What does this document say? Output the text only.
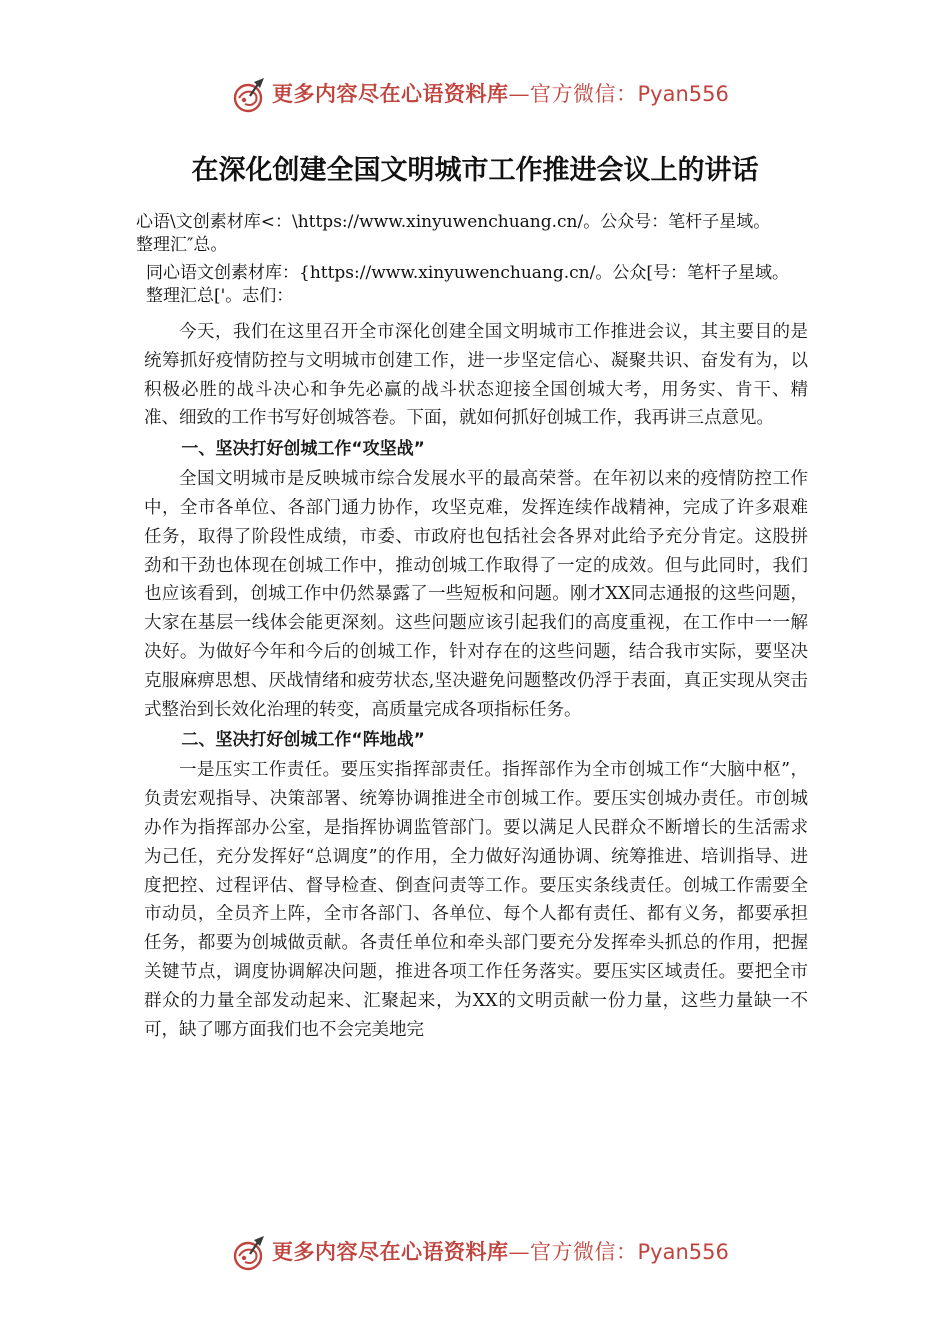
更多内容尽在心语资料库—官方微信：Pyan556
在深化创建全国文明城市工作推进会议上的讲话
心语\文创素材库<：\https://www.xinyuwenchuang.cn/。公众号：笔杆子星域。
整理汇″总。
同心语文创素材库：{https://www.xinyuwenchuang.cn/。公众[号：笔杆子星域。
整理汇总['。志们：

今天，我们在这里召开全市深化创建全国文明城市工作推进会议，其主要目的是统筹抓好疫情防控与文明城市创建工作，进一步坚定信心、凝聚共识、奋发有为，以积极必胜的战斗决心和争先必赢的战斗状态迎接全国创城大考，用务实、肯干、精准、细致的工作书写好创城答卷。下面，就如何抓好创城工作，我再讲三点意见。

一、坚决打好创城工作“攻坚战”

全国文明城市是反映城市综合发展水平的最高荣誉。在年初以来的疫情防控工作中，全市各单位、各部门通力协作，攻坚克难，发挥连续作战精神，完成了许多艰难任务，取得了阶段性成绩，市委、市政府也包括社会各界对此给予充分肯定。这股拼劲和干劲也体现在创城工作中，推动创城工作取得了一定的成效。但与此同时，我们也应该看到，创城工作中仍然暴露了一些短板和问题。刚才XX同志通报的这些问题，大家在基层一线体会能更深刻。这些问题应该引起我们的高度重视，在工作中一一解决好。为做好今年和今后的创城工作，针对存在的这些问题，结合我市实际，要坚决克服麻痹思想、厌战情绪和疲劳状态,坚决避免问题整改仍浮于表面，真正实现从突击式整治到长效化治理的转变，高质量完成各项指标任务。

二、坚决打好创城工作“阵地战”

一是压实工作责任。要压实指挥部责任。指挥部作为全市创城工作“大脑中枢”，负责宏观指导、决策部署、统筹协调推进全市创城工作。要压实创城办责任。市创城办作为指挥部办公室，是指挥协调监管部门。要以满足人民群众不断增长的生活需求为己任，充分发挥好“总调度”的作用，全力做好沟通协调、统筹推进、培训指导、进度把控、过程评估、督导检查、倒查问责等工作。要压实条线责任。创城工作需要全市动员，全员齐上阵，全市各部门、各单位、每个人都有责任、都有义务，都要承担任务，都要为创城做贡献。各责任单位和牵头部门要充分发挥牵头抓总的作用，把握关键节点，调度协调解决问题，推进各项工作任务落实。要压实区域责任。要把全市群众的力量全部发动起来、汇聚起来，为XX的文明贡献一份力量，这些力量缺一不可，缺了哪方面我们也不会完美地完

更多内容尽在心语资料库—官方微信：Pyan556
